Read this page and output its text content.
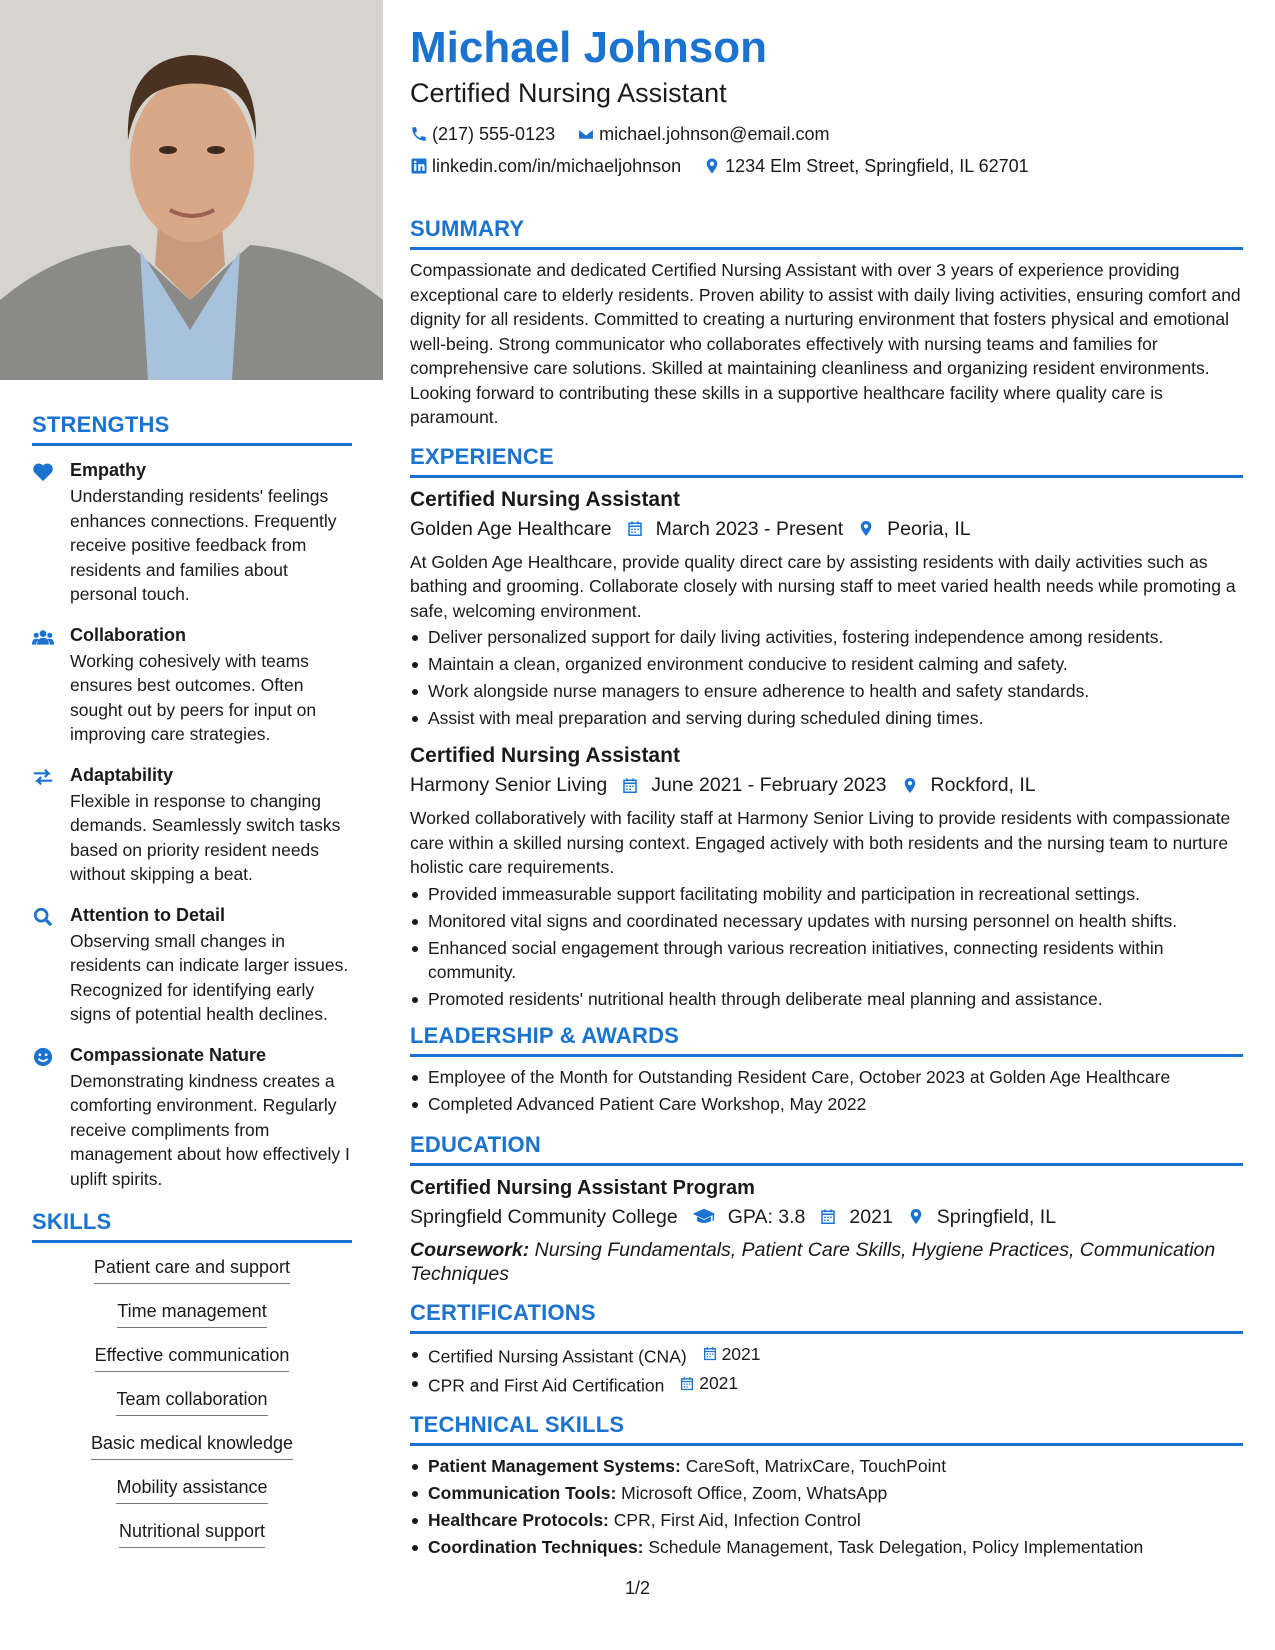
STRENGTHS
Empathy
Understanding residents' feelings enhances connections. Frequently receive positive feedback from residents and families about personal touch.
Collaboration
Working cohesively with teams ensures best outcomes. Often sought out by peers for input on improving care strategies.
Adaptability
Flexible in response to changing demands. Seamlessly switch tasks based on priority resident needs without skipping a beat.
Attention to Detail
Observing small changes in residents can indicate larger issues. Recognized for identifying early signs of potential health declines.
Compassionate Nature
Demonstrating kindness creates a comforting environment. Regularly receive compliments from management about how effectively I uplift spirits.
SKILLS
Patient care and support
Time management
Effective communication
Team collaboration
Basic medical knowledge
Mobility assistance
Nutritional support
Michael Johnson
Certified Nursing Assistant
(217) 555-0123 michael.johnson@email.com
linkedin.com/in/michaeljohnson 1234 Elm Street, Springfield, IL 62701
SUMMARY
Compassionate and dedicated Certified Nursing Assistant with over 3 years of experience providing exceptional care to elderly residents. Proven ability to assist with daily living activities, ensuring comfort and dignity for all residents. Committed to creating a nurturing environment that fosters physical and emotional well-being. Strong communicator who collaborates effectively with nursing teams and families for comprehensive care solutions. Skilled at maintaining cleanliness and organizing resident environments. Looking forward to contributing these skills in a supportive healthcare facility where quality care is paramount.
EXPERIENCE
Certified Nursing Assistant
Golden Age Healthcare March 2023 - Present Peoria, IL
At Golden Age Healthcare, provide quality direct care by assisting residents with daily activities such as bathing and grooming. Collaborate closely with nursing staff to meet varied health needs while promoting a safe, welcoming environment.
Deliver personalized support for daily living activities, fostering independence among residents.
Maintain a clean, organized environment conducive to resident calming and safety.
Work alongside nurse managers to ensure adherence to health and safety standards.
Assist with meal preparation and serving during scheduled dining times.
Certified Nursing Assistant
Harmony Senior Living June 2021 - February 2023 Rockford, IL
Worked collaboratively with facility staff at Harmony Senior Living to provide residents with compassionate care within a skilled nursing context. Engaged actively with both residents and the nursing team to nurture holistic care requirements.
Provided immeasurable support facilitating mobility and participation in recreational settings.
Monitored vital signs and coordinated necessary updates with nursing personnel on health shifts.
Enhanced social engagement through various recreation initiatives, connecting residents within community.
Promoted residents' nutritional health through deliberate meal planning and assistance.
LEADERSHIP & AWARDS
Employee of the Month for Outstanding Resident Care, October 2023 at Golden Age Healthcare
Completed Advanced Patient Care Workshop, May 2022
EDUCATION
Certified Nursing Assistant Program
Springfield Community College	GPA: 3.8 2021 Springfield, IL
Coursework: Nursing Fundamentals, Patient Care Skills, Hygiene Practices, Communication Techniques
CERTIFICATIONS
Certified Nursing Assistant (CNA) 2021
CPR and First Aid Certification 2021
TECHNICAL SKILLS
Patient Management Systems: CareSoft, MatrixCare, TouchPoint
Communication Tools: Microsoft Office, Zoom, WhatsApp
Healthcare Protocols: CPR, First Aid, Infection Control
Coordination Techniques: Schedule Management, Task Delegation, Policy Implementation
1/2
